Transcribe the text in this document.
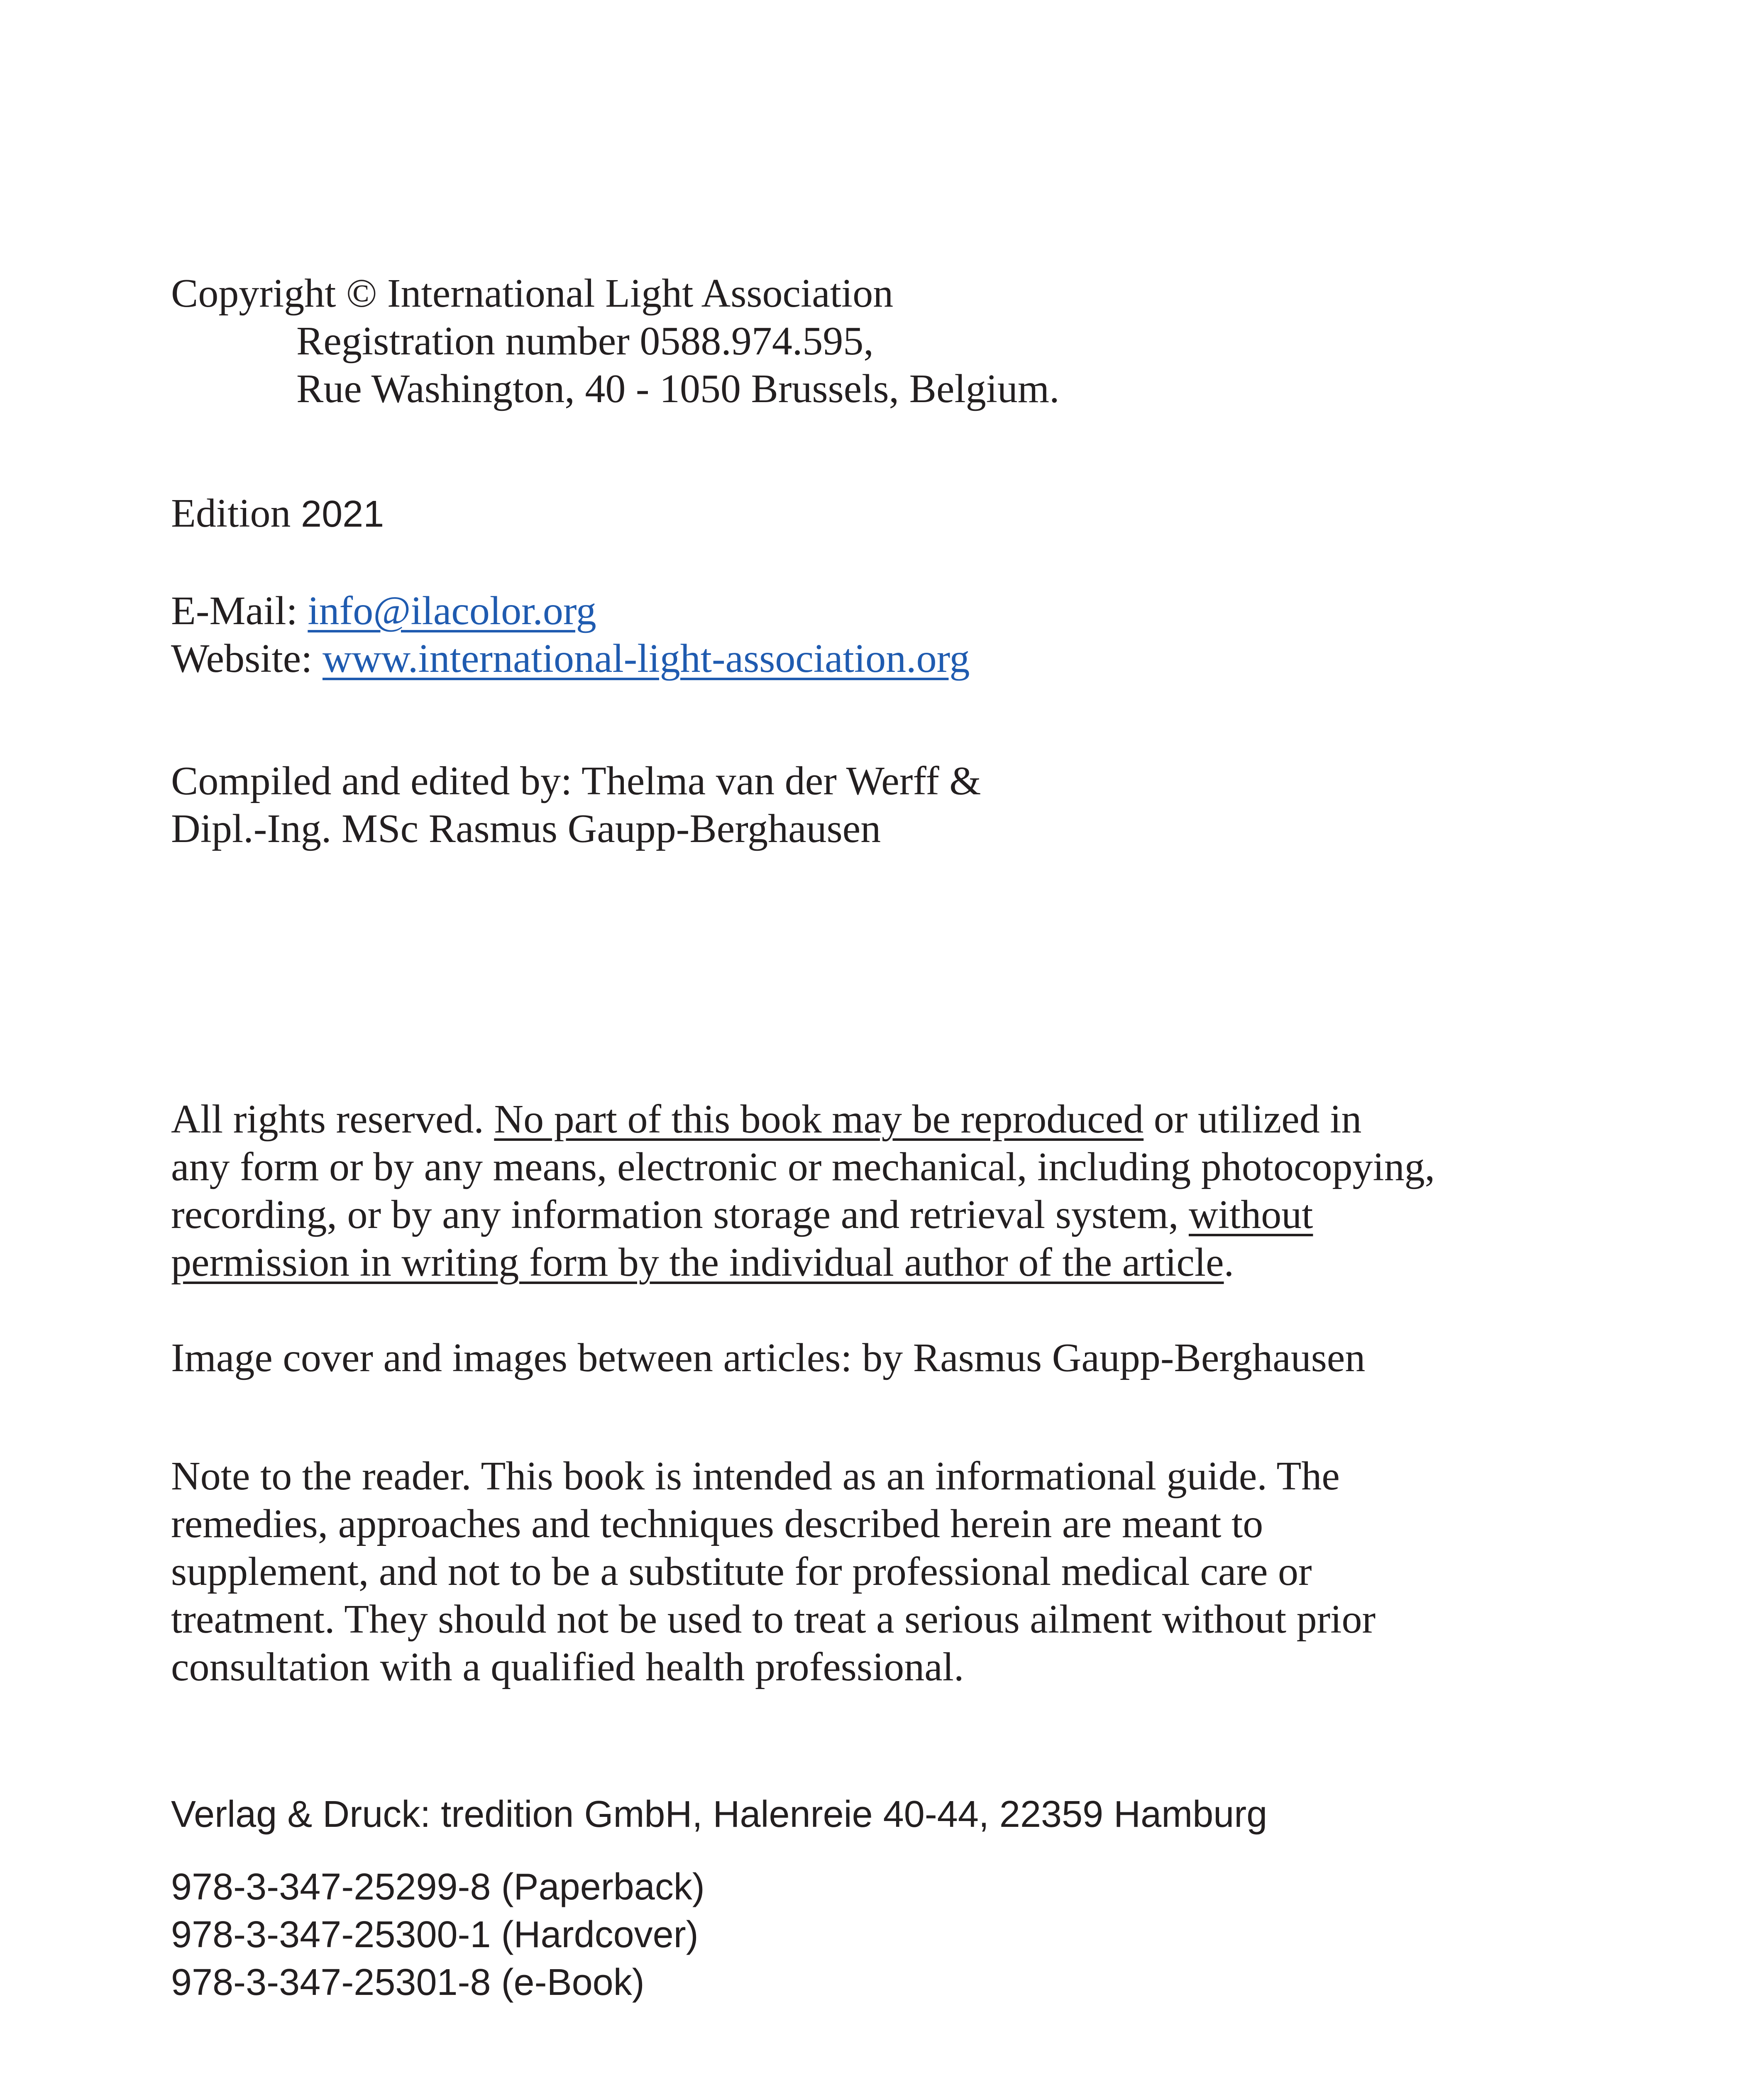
Copyright © International Light Association
Registration number 0588.974.595,
Rue Washington, 40 - 1050 Brussels, Belgium.
Edition 2021
E-Mail: info@ilacolor.org
Website: www.international-light-association.org
Compiled and edited by: Thelma van der Werff &
Dipl.-Ing. MSc Rasmus Gaupp-Berghausen
All rights reserved. No part of this book may be reproduced or utilized in
any form or by any means, electronic or mechanical, including photocopying,
recording, or by any information storage and retrieval system, without
permission in writing form by the individual author of the article.
Image cover and images between articles: by Rasmus Gaupp-Berghausen
Note to the reader. This book is intended as an informational guide. The
remedies, approaches and techniques described herein are meant to
supplement, and not to be a substitute for professional medical care or
treatment. They should not be used to treat a serious ailment without prior
consultation with a qualified health professional.
Verlag & Druck: tredition GmbH, Halenreie 40-44, 22359 Hamburg
978-3-347-25299-8 (Paperback)
978-3-347-25300-1 (Hardcover)
978-3-347-25301-8 (e-Book)
